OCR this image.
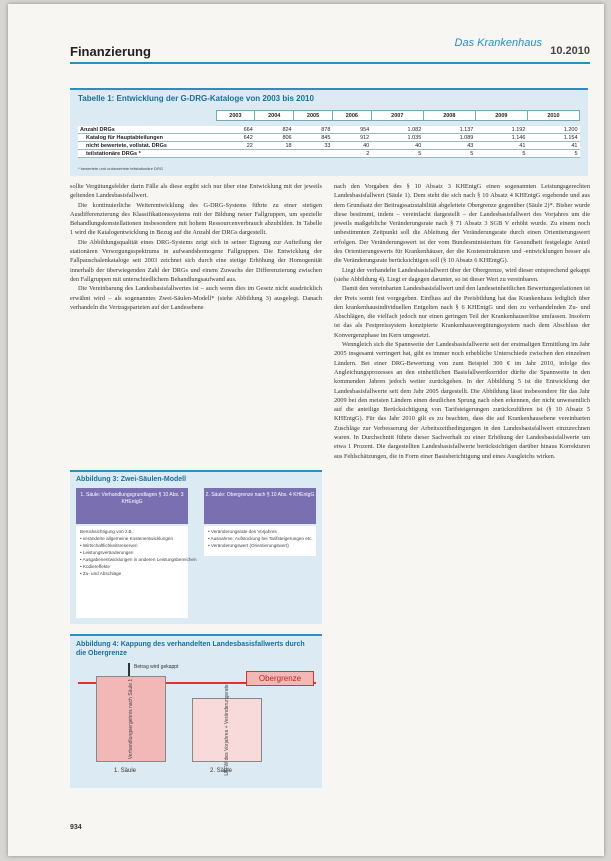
Finanzierung
Das Krankenhaus
10.2010
Tabelle 1: Entwicklung der G-DRG-Kataloge von 2003 bis 2010
	2003	2004	2005	2006	2007	2008	2009	2010

Anzahl DRGs	664	824	878	954	1.082	1.137	1.192	1.200
Katalog für Hauptabteilungen	642	806	845	912	1.035	1.089	1.146	1.154
nicht bewertete, vollstat. DRGs	22	18	33	40	40	43	41	41
teilstationäre DRGs *				2	5	5	5	5
* bewertete und unbewertete teilstationäre DRG

sollte Vergütungsfelder darin Fälle als diese ergibt sich nur über eine Entwicklung mit der jeweils geltenden Landesbasisfallwert.

Die kontinuierliche Weiterentwicklung des G-DRG-Systems führte zu einer stetigen Ausdifferenzierung des Klassifikationssystems mit der Bildung neuer Fallgruppen, um spezielle Behandlungskonstellationen insbesondere mit hohem Ressourcenverbrauch abzubilden. In Tabelle 1 wird die Katalogentwicklung in Bezug auf die Anzahl der DRGs dargestellt.

Die Abbildungsqualität eines DRG-Systems zeigt sich in seiner Eignung zur Aufteilung der stationären Versorgungsspektrums in aufwandshomogene Fallgruppen. Die Entwicklung der Fallpauschalenkataloge seit 2003 zeichnet sich durch eine stetige Erhöhung der Homogenität innerhalb der überwiegenden Zahl der DRGs und einem Zuwachs der Differenzierung zwischen den Fallgruppen mit unterschiedlichem Behandlungsaufwand aus.

Die Vereinbarung des Landesbasisfallwertes ist – auch wenn dies im Gesetz nicht ausdrücklich erwähnt wird – als sogenanntes Zwei-Säulen-Modell* (siehe Abbildung 3) ausgelegt. Danach verhandeln die Vertragsparteien auf der Landesebene

nach den Vorgaben des § 10 Absatz 3 KHEntgG einen sogenannten Leistungsgerechten Landesbasisfallwert (Säule 1). Dem steht die sich nach § 10 Absatz 4 KHEntgG ergebende und aus dem Grundsatz der Beitragssatzstabilität abgeleitete Obergrenze gegenüber (Säule 2)*. Bisher wurde diese bestimmt, indem – vereinfacht dargestellt – der Landesbasisfallwert des Vorjahres um die jeweils maßgebliche Veränderungsrate nach § 71 Absatz 3 SGB V erhöht wurde. Zu einem noch unbestimmten Zeitpunkt soll die Ableitung der Veränderungsrate durch einen Orientierungswert erfolgen. Der Veränderungswert ist der vom Bundesministerium für Gesundheit festgelegte Anteil des Orientierungswerts für Krankenhäuser, der die Kostenstrukturen und -entwicklungen besser als die Veränderungsrate berücksichtigen soll (§ 10 Absatz 6 KHEntgG).

Liegt der verhandelte Landesbasisfallwert über der Obergrenze, wird dieser entsprechend gekappt (siehe Abbildung 4). Liegt er dagegen darunter, so ist dieser Wert zu vereinbaren.

Damit den vereinbarten Landesbasisfallwert und den landeseinheitlichen Bewertungsrelationen ist der Preis somit fest vorgegeben. Einfluss auf die Preisbildung hat das Krankenhaus lediglich über den krankenhausindividuellen Entgelten nach § 6 KHEntgG und den zu verhandelnden Zu- und Abschlägen, die vielfach jedoch nur einen geringen Teil der Krankenhauserlöse umfassen. Insofern ist das als Festpreissystem konzipierte Krankenhausvergütungssystem nach dem Abschluss der Konvergenzphase im Kern umgesetzt.

Wenngleich sich die Spannweite der Landesbasisfallwerte seit der erstmaligen Ermittlung im Jahr 2005 insgesamt verringert hat, gibt es immer noch erhebliche Unterschiede zwischen den einzelnen Ländern. Bei einer DRG-Bewertung von zum Beispiel 300 € im Jahr 2010, infolge des Angleichungsprozesses an den einheitlichen Basisfallwertkorridor dürfte die Spannweite in den kommenden Jahren jedoch weiter zurückgehen. In der Abbildung 5 ist die Entwicklung der Landesbasisfallwerte seit dem Jahr 2005 dargestellt. Die Abbildung lässt insbesondere für das Jahr 2009 bei den meisten Ländern einen deutlichen Sprung nach oben erkennen, der nicht unwesentlich auf die anteilige Berücksichtigung von Tarifsteigerungen zurückzuführen ist (§ 10 Absatz 5 KHEntgG). Für das Jahr 2010 gilt es zu beachten, dass die auf Krankenhausebene vereinbarten Zuschläge zur Verbesserung der Arbeitszeitbedingungen in den Landesbasisfallwert einzurechnen waren. In Durchschnitt führte dieser Sachverhalt zu einer Erhöhung der Landesbasisfallwerte um etwa 1 Prozent. Die dargestellten Landesbasisfallwerte berücksichtigen darüber hinaus Korrekturen aus Fehlschätzungen, die in Form einer Basisberichtigung und eines Ausgleichs wirken.

Abbildung 3: Zwei-Säulen-Modell
1. Säule: Verhandlungsgrundlagen § 10 Abs. 3 KHEntgG
Berücksichtigung von z.B.:
• veränderte allgemeine Kostenentwicklungen
• Wirtschaftlichkeitsreserven
• Leistungsveränderungen
• Ausgabenentwicklungen in anderen Leistungsbereichen
• Kodiereffekte
• Zu- und Abschläge
2. Säule: Obergrenze nach § 10 Abs. 4 KHEntgG
• Veränderungsrate des Vorjahres
• Ausnahme: Aufstockung bei Tarifsteigerungen etc.
• Veränderungswert (Orientierungswert)
Abbildung 4: Kappung des verhandelten Landesbasisfallwerts durch die Obergrenze
Betrag wird gekappt
Obergrenze
Verhandlungsergebnis nach Säule 1	LBFW des Vorjahres + Veränderungsrate
1. Säule	2. Säule
934
